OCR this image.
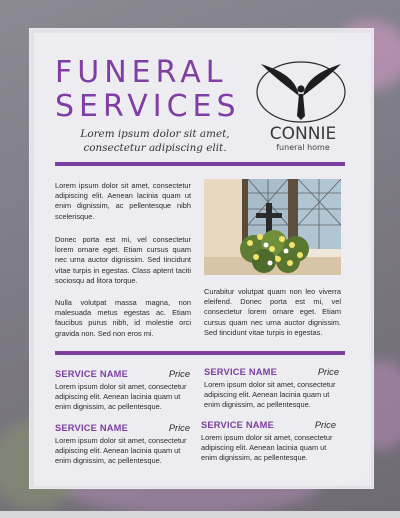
FUNERAL
SERVICES
Lorem ipsum dolor sit amet, consectetur adipiscing elit.
CONNIE
funeral home
Lorem ipsum dolor sit amet, consectetur adipiscing elit. Aenean lacinia quam ut enim dignissim, ac pellentesque nibh scelerisque.
Donec porta est mi, vel consectetur lorem ornare eget. Etiam cursus quam nec urna auctor dignissim. Sed tincidunt vitae turpis in egestas. Class aptent taciti sociosqu ad litora torque.
Nulla volutpat massa magna, non malesuada metus egestas ac. Etiam faucibus purus nibh, id molestie orci gravida non. Sed non eros mi.
Curabitur volutpat quam non leo viverra eleifend. Donec porta est mi, vel consectetur lorem ornare eget. Etiam cursus quam nec urna auctor dignissim. Sed tincidunt vitae turpis in egestas.
SERVICE NAME	Price
Lorem ipsum dolor sit amet, consectetur adipiscing elit. Aenean lacinia quam ut enim dignissim, ac pellentesque.
SERVICE NAME	Price
Lorem ipsum dolor sit amet, consectetur adipiscing elit. Aenean lacinia quam ut enim dignissim, ac pellentesque.
SERVICE NAME	Price
Lorem ipsum dolor sit amet, consectetur adipiscing elit. Aenean lacinia quam ut enim dignissim, ac pellentesque.
SERVICE NAME	Price
Lorem ipsum dolor sit amet, consectetur adipiscing elit. Aenean lacinia quam ut enim dignissim, ac pellentesque.
